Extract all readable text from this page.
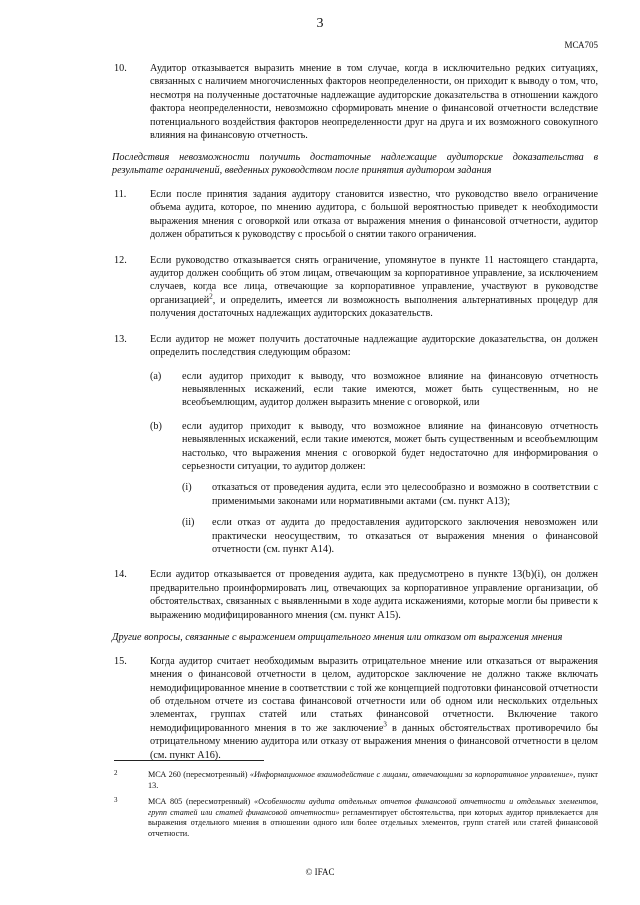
3
МСА705
10. Аудитор отказывается выразить мнение в том случае, когда в исключительно редких ситуациях, связанных с наличием многочисленных факторов неопределенности, он приходит к выводу о том, что, несмотря на полученные достаточные надлежащие аудиторские доказательства в отношении каждого фактора неопределенности, невозможно сформировать мнение о финансовой отчетности вследствие потенциального воздействия факторов неопределенности друг на друга и их возможного совокупного влияния на финансовую отчетность.
Последствия невозможности получить достаточные надлежащие аудиторские доказательства в результате ограничений, введенных руководством после принятия аудитором задания
11. Если после принятия задания аудитору становится известно, что руководство ввело ограничение объема аудита, которое, по мнению аудитора, с большой вероятностью приведет к необходимости выражения мнения с оговоркой или отказа от выражения мнения о финансовой отчетности, аудитор должен обратиться к руководству с просьбой о снятии такого ограничения.
12. Если руководство отказывается снять ограничение, упомянутое в пункте 11 настоящего стандарта, аудитор должен сообщить об этом лицам, отвечающим за корпоративное управление, за исключением случаев, когда все лица, отвечающие за корпоративное управление, участвуют в руководстве организацией$^2$, и определить, имеется ли возможность выполнения альтернативных процедур для получения достаточных надлежащих аудиторских доказательств.
13. Если аудитор не может получить достаточные надлежащие аудиторские доказательства, он должен определить последствия следующим образом:
(a) если аудитор приходит к выводу, что возможное влияние на финансовую отчетность невыявленных искажений, если такие имеются, может быть существенным, но не всеобъемлющим, аудитор должен выразить мнение с оговоркой, или
(b) если аудитор приходит к выводу, что возможное влияние на финансовую отчетность невыявленных искажений, если такие имеются, может быть существенным и всеобъемлющим настолько, что выражения мнения с оговоркой будет недостаточно для информирования о серьезности ситуации, то аудитор должен:
(i) отказаться от проведения аудита, если это целесообразно и возможно в соответствии с применимыми законами или нормативными актами (см. пункт A13);
(ii) если отказ от аудита до предоставления аудиторского заключения невозможен или практически неосуществим, то отказаться от выражения мнения о финансовой отчетности (см. пункт A14).
14. Если аудитор отказывается от проведения аудита, как предусмотрено в пункте 13(b)(i), он должен предварительно проинформировать лиц, отвечающих за корпоративное управление организации, об обстоятельствах, связанных с выявленными в ходе аудита искажениями, которые могли бы привести к выражению модифицированного мнения (см. пункт A15).
Другие вопросы, связанные с выражением отрицательного мнения или отказом от выражения мнения
15. Когда аудитор считает необходимым выразить отрицательное мнение или отказаться от выражения мнения о финансовой отчетности в целом, аудиторское заключение не должно также включать немодифицированное мнение в соответствии с той же концепцией подготовки финансовой отчетности об отдельном отчете из состава финансовой отчетности или об одном или нескольких отдельных элементах, группах статей или статьях финансовой отчетности. Включение такого немодифицированного мнения в то же заключение$^3$ в данных обстоятельствах противоречило бы отрицательному мнению аудитора или отказу от выражения мнения о финансовой отчетности в целом (см. пункт A16).
2	МСА 260 (пересмотренный) «Информационное взаимодействие с лицами, отвечающими за корпоративное управление», пункт 13.
3	МСА 805 (пересмотренный) «Особенности аудита отдельных отчетов финансовой отчетности и отдельных элементов, групп статей или статей финансовой отчетности» регламентирует обстоятельства, при которых аудитор привлекается для выражения отдельного мнения в отношении одного или более отдельных элементов, групп статей или статей финансовой отчетности.
© IFAC
